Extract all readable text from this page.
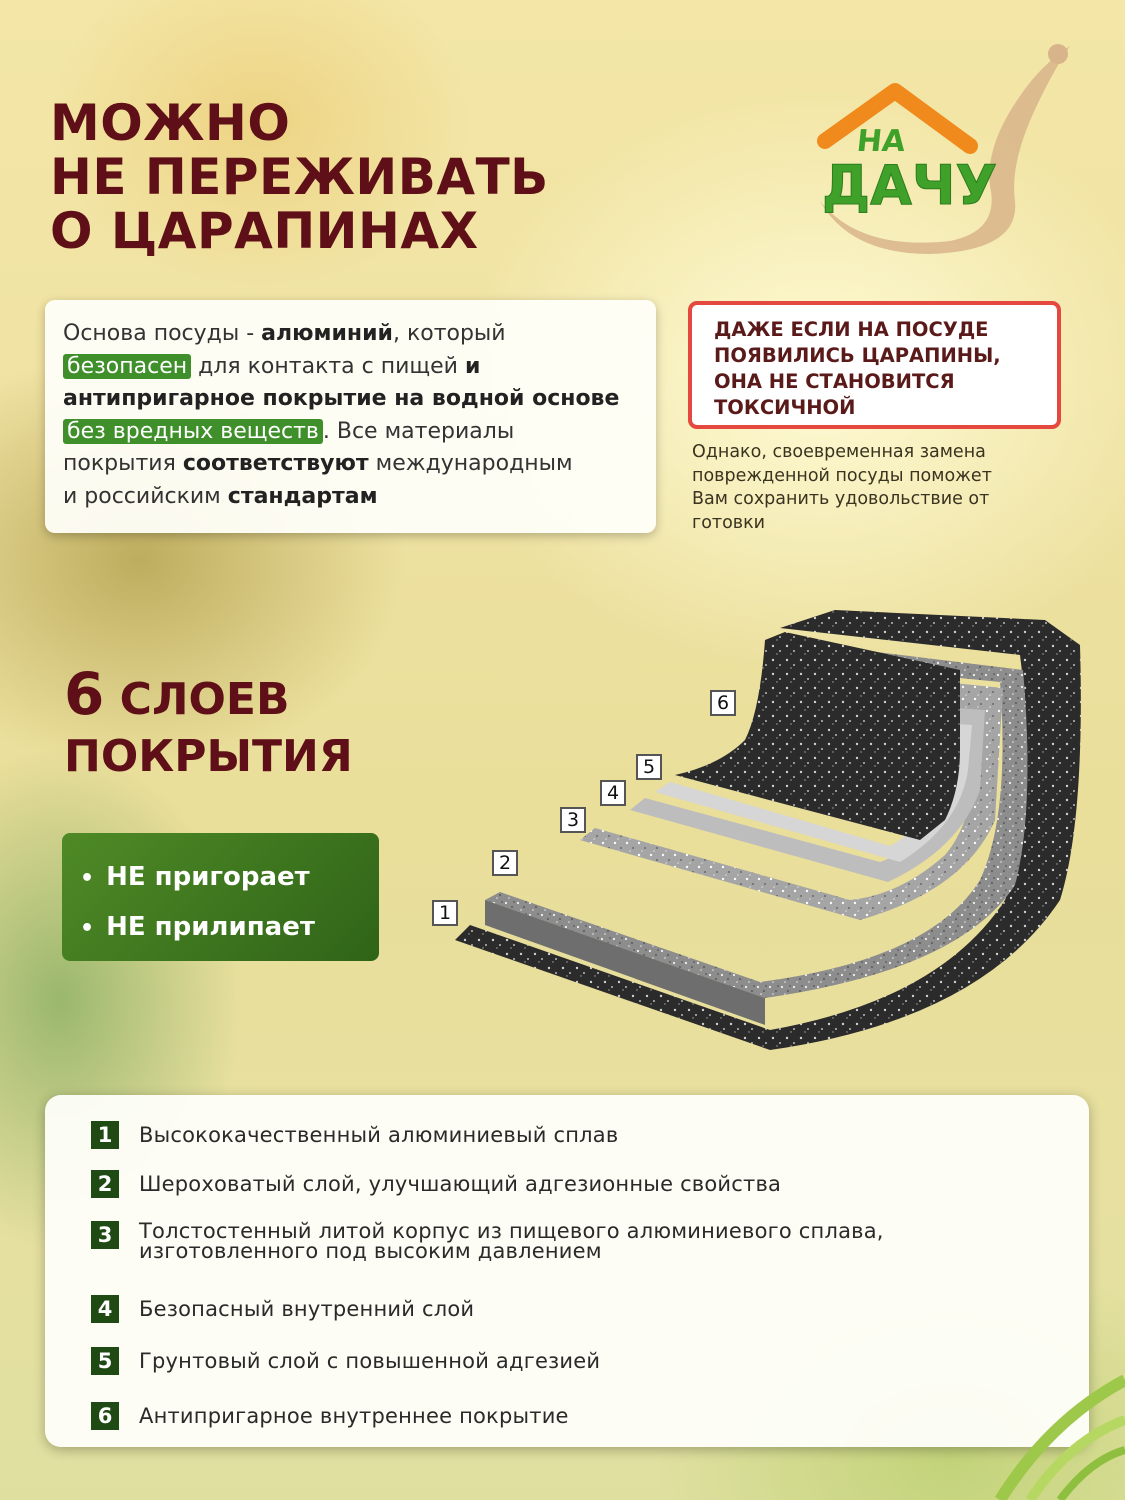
МОЖНО
НЕ ПЕРЕЖИВАТЬ
О ЦАРАПИНАХ
НА
ДАЧУ
Основа посуды - алюминий, который
безопасен для контакта с пищей и
антипригарное покрытие на водной основе
без вредных веществ . Все материалы
покрытия соответствуют международным
и российским стандартам
ДАЖЕ ЕСЛИ НА ПОСУДЕ
ПОЯВИЛИСЬ ЦАРАПИНЫ,
ОНА НЕ СТАНОВИТСЯ
ТОКСИЧНОЙ
Однако, своевременная замена
поврежденной посуды поможет
Вам сохранить удовольствие от
готовки
6 СЛОЕВ
ПОКРЫТИЯ
• НЕ пригорает
• НЕ прилипает	1
2
3
4
5
6
1	Высококачественный алюминиевый сплав
2	Шероховатый слой, улучшающий адгезионные свойства
3	Толстостенный литой корпус из пищевого алюминиевого сплава,
изготовленного под высоким давлением
4	Безопасный внутренний слой
5	Грунтовый слой с повышенной адгезией
6	Антипригарное внутреннее покрытие
